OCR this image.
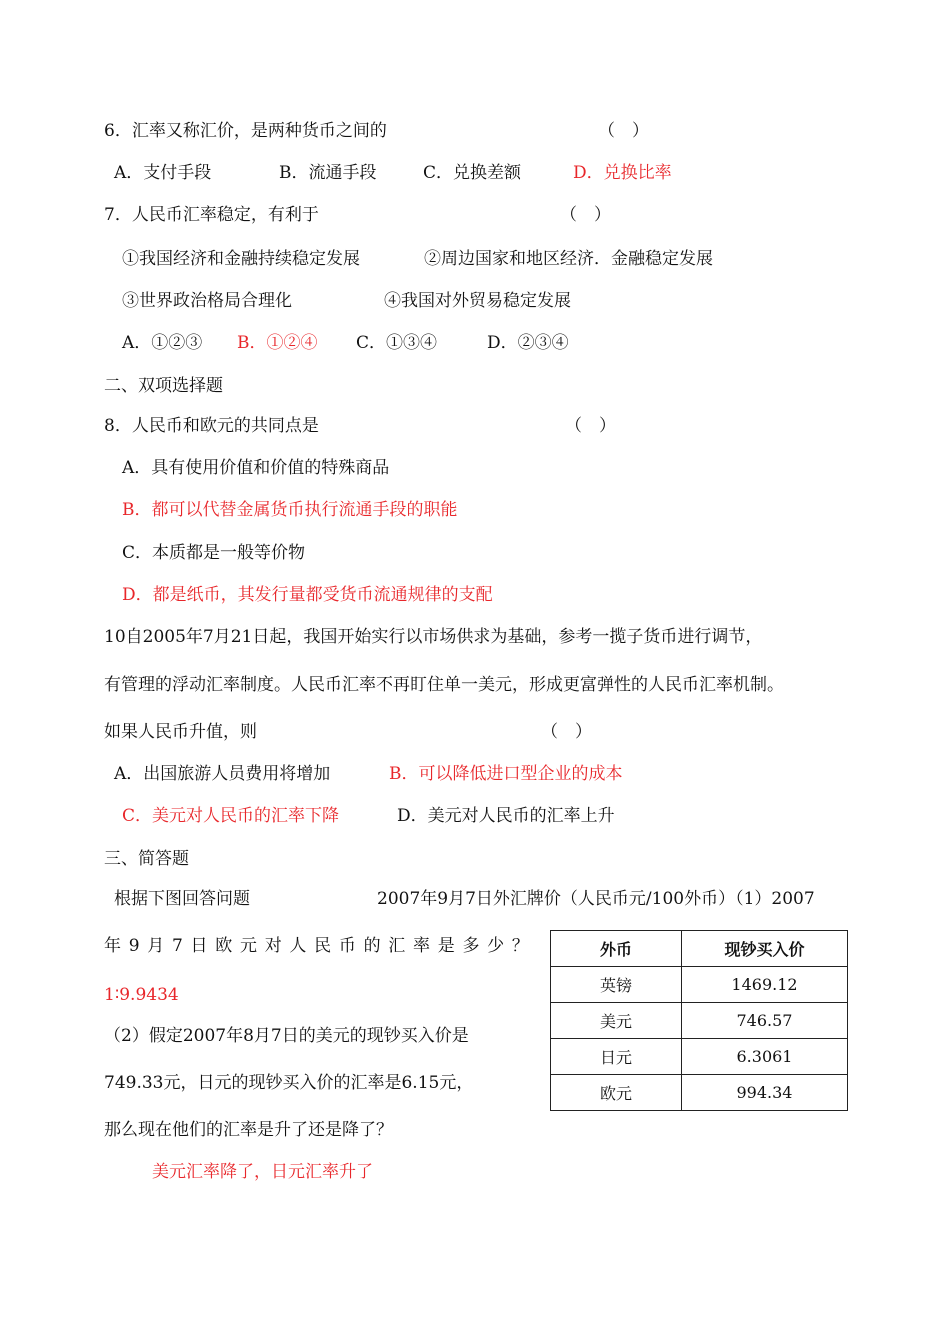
6．汇率又称汇价，是两种货币之间的	（　）
A．支付手段	B．流通手段	C．兑换差额	D．兑换比率
7．人民币汇率稳定，有利于	（　）
①我国经济和金融持续稳定发展	②周边国家和地区经济．金融稳定发展
③世界政治格局合理化	④我国对外贸易稳定发展
A．①②③ B．①②④ C．①③④	D．②③④
二、双项选择题
8．人民币和欧元的共同点是	（　）
A．具有使用价值和价值的特殊商品
B．都可以代替金属货币执行流通手段的职能
C．本质都是一般等价物
D．都是纸币，其发行量都受货币流通规律的支配
10自2005年7月21日起，我国开始实行以市场供求为基础，参考一揽子货币进行调节，
有管理的浮动汇率制度。人民币汇率不再盯住单一美元，形成更富弹性的人民币汇率机制。
如果人民币升值，则	（　）
A．出国旅游人员费用将增加	B．可以降低进口型企业的成本
C．美元对人民币的汇率下降	D．美元对人民币的汇率上升
三、简答题
根据下图回答问题	2007年9月7日外汇牌价（人民币元/100外币）（1）2007
年 9 月 7 日 欧 元 对 人 民 币 的 汇 率 是 多 少 ？
1∶9.9434
（2）假定2007年8月7日的美元的现钞买入价是
749.33元，日元的现钞买入价的汇率是6.15元，
那么现在他们的汇率是升了还是降了？
美元汇率降了，日元汇率升了
外币	现钞买入价
英镑	1469.12
美元	746.57
日元	6.3061
欧元	994.34
